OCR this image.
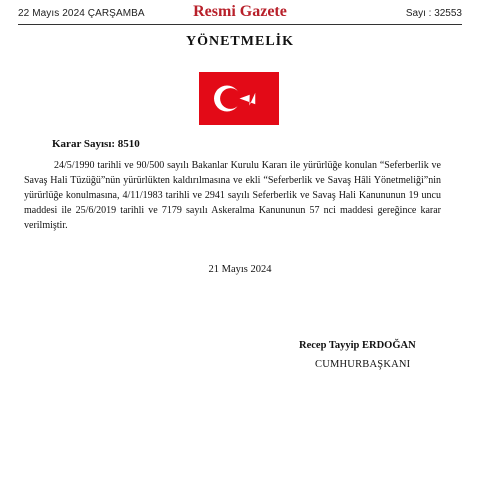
22 Mayıs 2024 ÇARŞAMBA	Resmi Gazete	Sayı : 32553
YÖNETMELİK
Karar Sayısı: 8510
24/5/1990 tarihli ve 90/500 sayılı Bakanlar Kurulu Kararı ile yürürlüğe konulan “Seferberlik ve Savaş Hali Tüzüğü”nün yürürlükten kaldırılmasına ve ekli “Seferberlik ve Savaş Hâli Yönetmeliği”nin yürürlüğe konulmasına, 4/11/1983 tarihli ve 2941 sayılı Seferberlik ve Savaş Hali Kanununun 19 uncu maddesi ile 25/6/2019 tarihli ve 7179 sayılı Askeralma Kanununun 57 nci maddesi gereğince karar verilmiştir.
21 Mayıs 2024
Recep Tayyip ERDOĞAN
CUMHURBAŞKANI
